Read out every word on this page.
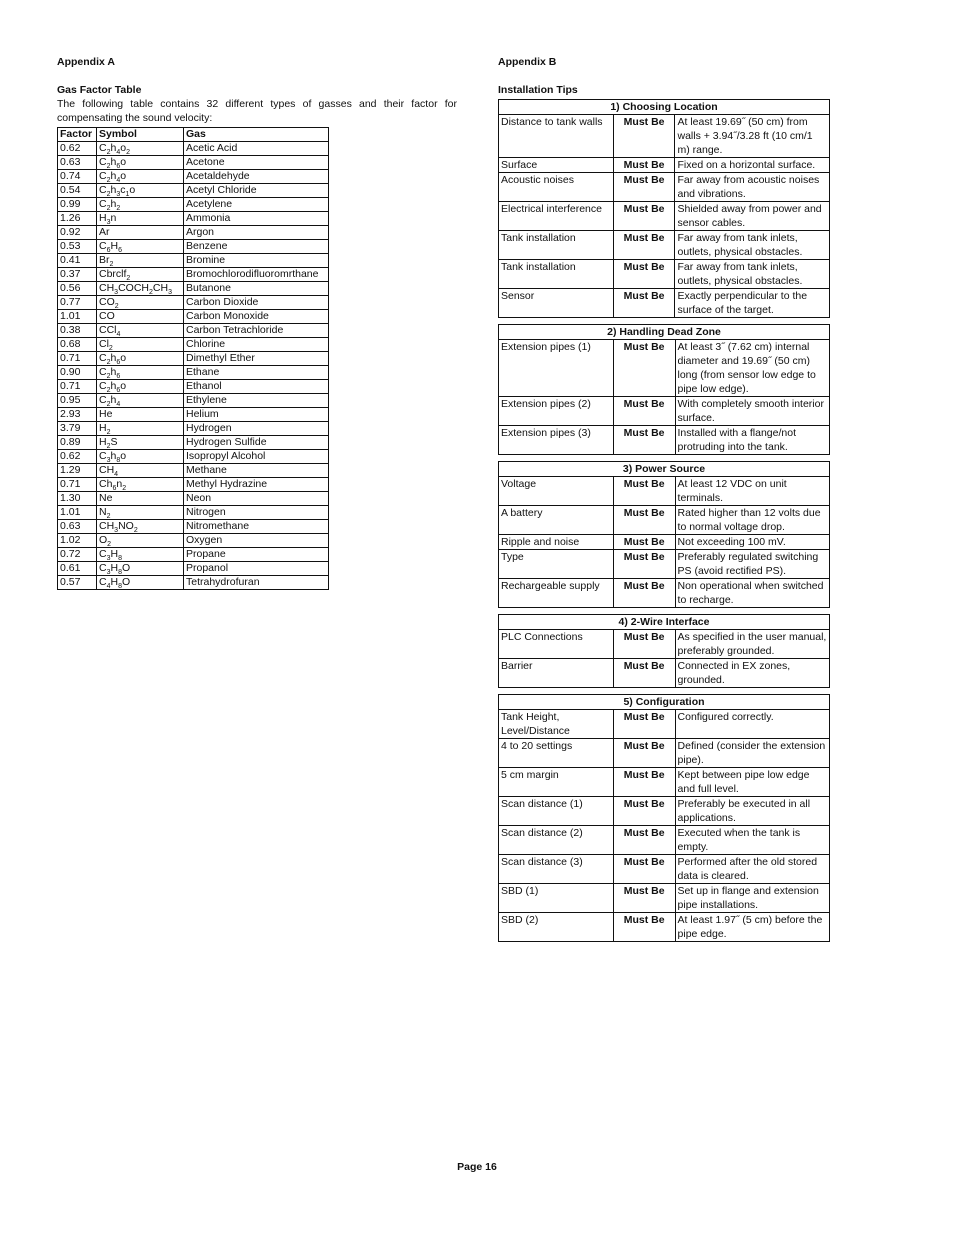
Appendix A

Gas Factor Table

The following table contains 32 different types of gasses and their factor for compensating the sound velocity:

Factor	Symbol	Gas
0.62	$C_2h_4o_2$	Acetic Acid
0.63	$C_2h_6o$	Acetone
0.74	$C_2h_4o$	Acetaldehyde
0.54	$C_2h_3c_1o$	Acetyl Chloride
0.99	$C_2h_2$	Acetylene
1.26	$H_3n$	Ammonia
0.92	Ar	Argon
0.53	$C_6H_6$	Benzene
0.41	$Br_2$	Bromine
0.37	Cbrclf$_2$	Bromochlorodifluoromrthane
0.56	$CH_3COCH_2CH_3$	Butanone
0.77	$CO_2$	Carbon Dioxide
1.01	CO	Carbon Monoxide
0.38	CCl$_4$	Carbon Tetrachloride
0.68	$Cl_2$	Chlorine
0.71	$C_2h_6o$	Dimethyl Ether
0.90	$C_2h_6$	Ethane
0.71	$C_2h_6o$	Ethanol
0.95	$C_2h_4$	Ethylene
2.93	He	Helium
3.79	$H_2$	Hydrogen
0.89	$H_2S$	Hydrogen Sulfide
0.62	$C_3h_8o$	Isopropyl Alcohol
1.29	$CH_4$	Methane
0.71	$Ch_6n_2$	Methyl Hydrazine
1.30	Ne	Neon
1.01	$N_2$	Nitrogen
0.63	$CH_3NO_2$	Nitromethane
1.02	$O_2$	Oxygen
0.72	$C_3H_8$	Propane
0.61	$C_3H_8O$	Propanol
0.57	$C_4H_8O$	Tetrahydrofuran

Appendix B

Installation Tips

1) Choosing Location		
Distance to tank walls	Must Be	At least 19.69˝ (50 cm) from walls + 3.94˝/3.28 ft (10 cm/1 m) range.
Surface	Must Be	Fixed on a horizontal surface.
Acoustic noises	Must Be	Far away from acoustic noises and vibrations.
Electrical interference	Must Be	Shielded away from power and sensor cables.
Tank installation	Must Be	Far away from tank inlets, outlets, physical obstacles.
Tank installation	Must Be	Far away from tank inlets, outlets, physical obstacles.
Sensor	Must Be	Exactly perpendicular to the surface of the target.
2) Handling Dead Zone		
Extension pipes (1)	Must Be	At least 3˝ (7.62 cm) internal diameter and 19.69˝ (50 cm) long (from sensor low edge to pipe low edge).
Extension pipes (2)	Must Be	With completely smooth interior surface.
Extension pipes (3)	Must Be	Installed with a flange/not protruding into the tank.
3) Power Source		
Voltage	Must Be	At least 12 VDC on unit terminals.
A battery	Must Be	Rated higher than 12 volts due to normal voltage drop.
Ripple and noise	Must Be	Not exceeding 100 mV.
Type	Must Be	Preferably regulated switching PS (avoid rectified PS).
Rechargeable supply	Must Be	Non operational when switched to recharge.
4) 2-Wire Interface		
PLC Connections	Must Be	As specified in the user manual, preferably grounded.
Barrier	Must Be	Connected in EX zones, grounded.
5) Configuration		
Tank Height, Level/Distance	Must Be	Configured correctly.
4 to 20 settings	Must Be	Defined (consider the extension pipe).
5 cm margin	Must Be	Kept between pipe low edge and full level.
Scan distance (1)	Must Be	Preferably be executed in all applications.
Scan distance (2)	Must Be	Executed when the tank is empty.
Scan distance (3)	Must Be	Performed after the old stored data is cleared.
SBD (1)	Must Be	Set up in flange and extension pipe installations.
SBD (2)	Must Be	At least 1.97˝ (5 cm) before the pipe edge.
Page 16
